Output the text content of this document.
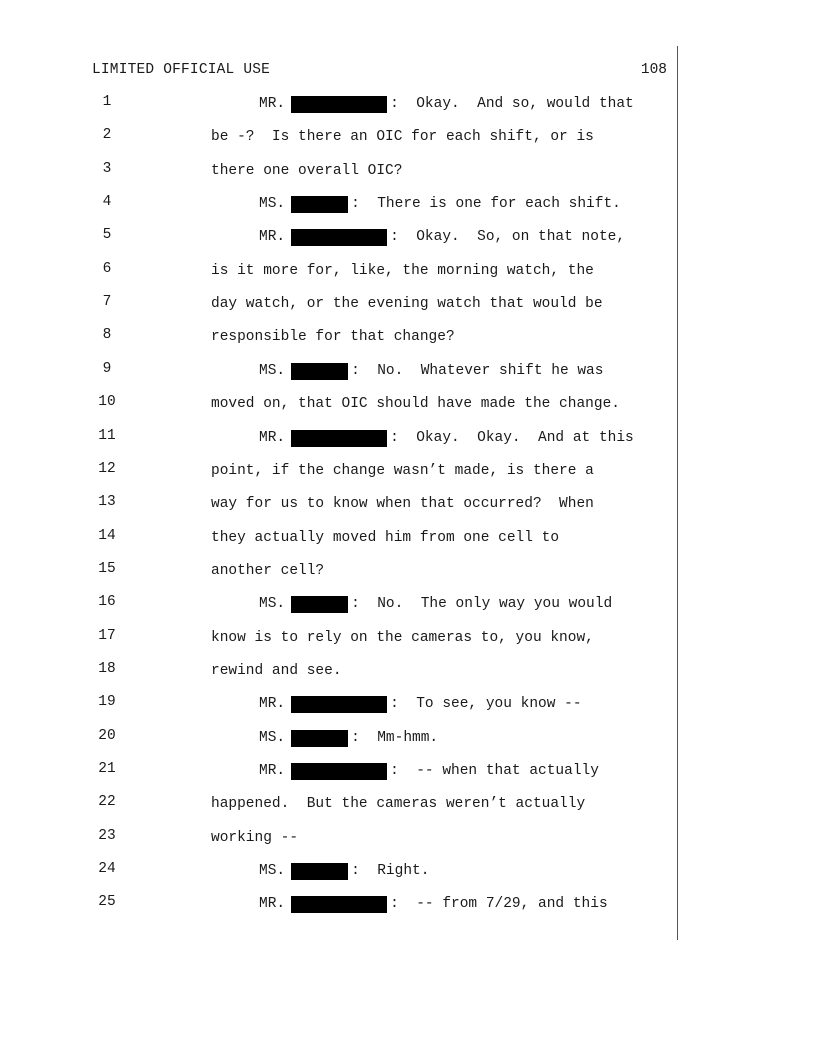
LIMITED OFFICIAL USE	108
1	MR.	:  Okay.  And so, would that
2	be -?  Is there an OIC for each shift, or is
3	there one overall OIC?
4	MS.	:  There is one for each shift.
5	MR.	:  Okay.  So, on that note,
6	is it more for, like, the morning watch, the
7	day watch, or the evening watch that would be
8	responsible for that change?
9	MS.	:  No.  Whatever shift he was
10	moved on, that OIC should have made the change.
11	MR.	:  Okay.  Okay.  And at this
12	point, if the change wasn’t made, is there a
13	way for us to know when that occurred?  When
14	they actually moved him from one cell to
15	another cell?
16	MS.	:  No.  The only way you would
17	know is to rely on the cameras to, you know,
18	rewind and see.
19	MR.	:  To see, you know --
20	MS.	:  Mm-hmm.
21	MR.	:  -- when that actually
22	happened.  But the cameras weren’t actually
23	working --
24	MS.	:  Right.
25	MR.	:  -- from 7/29, and this
